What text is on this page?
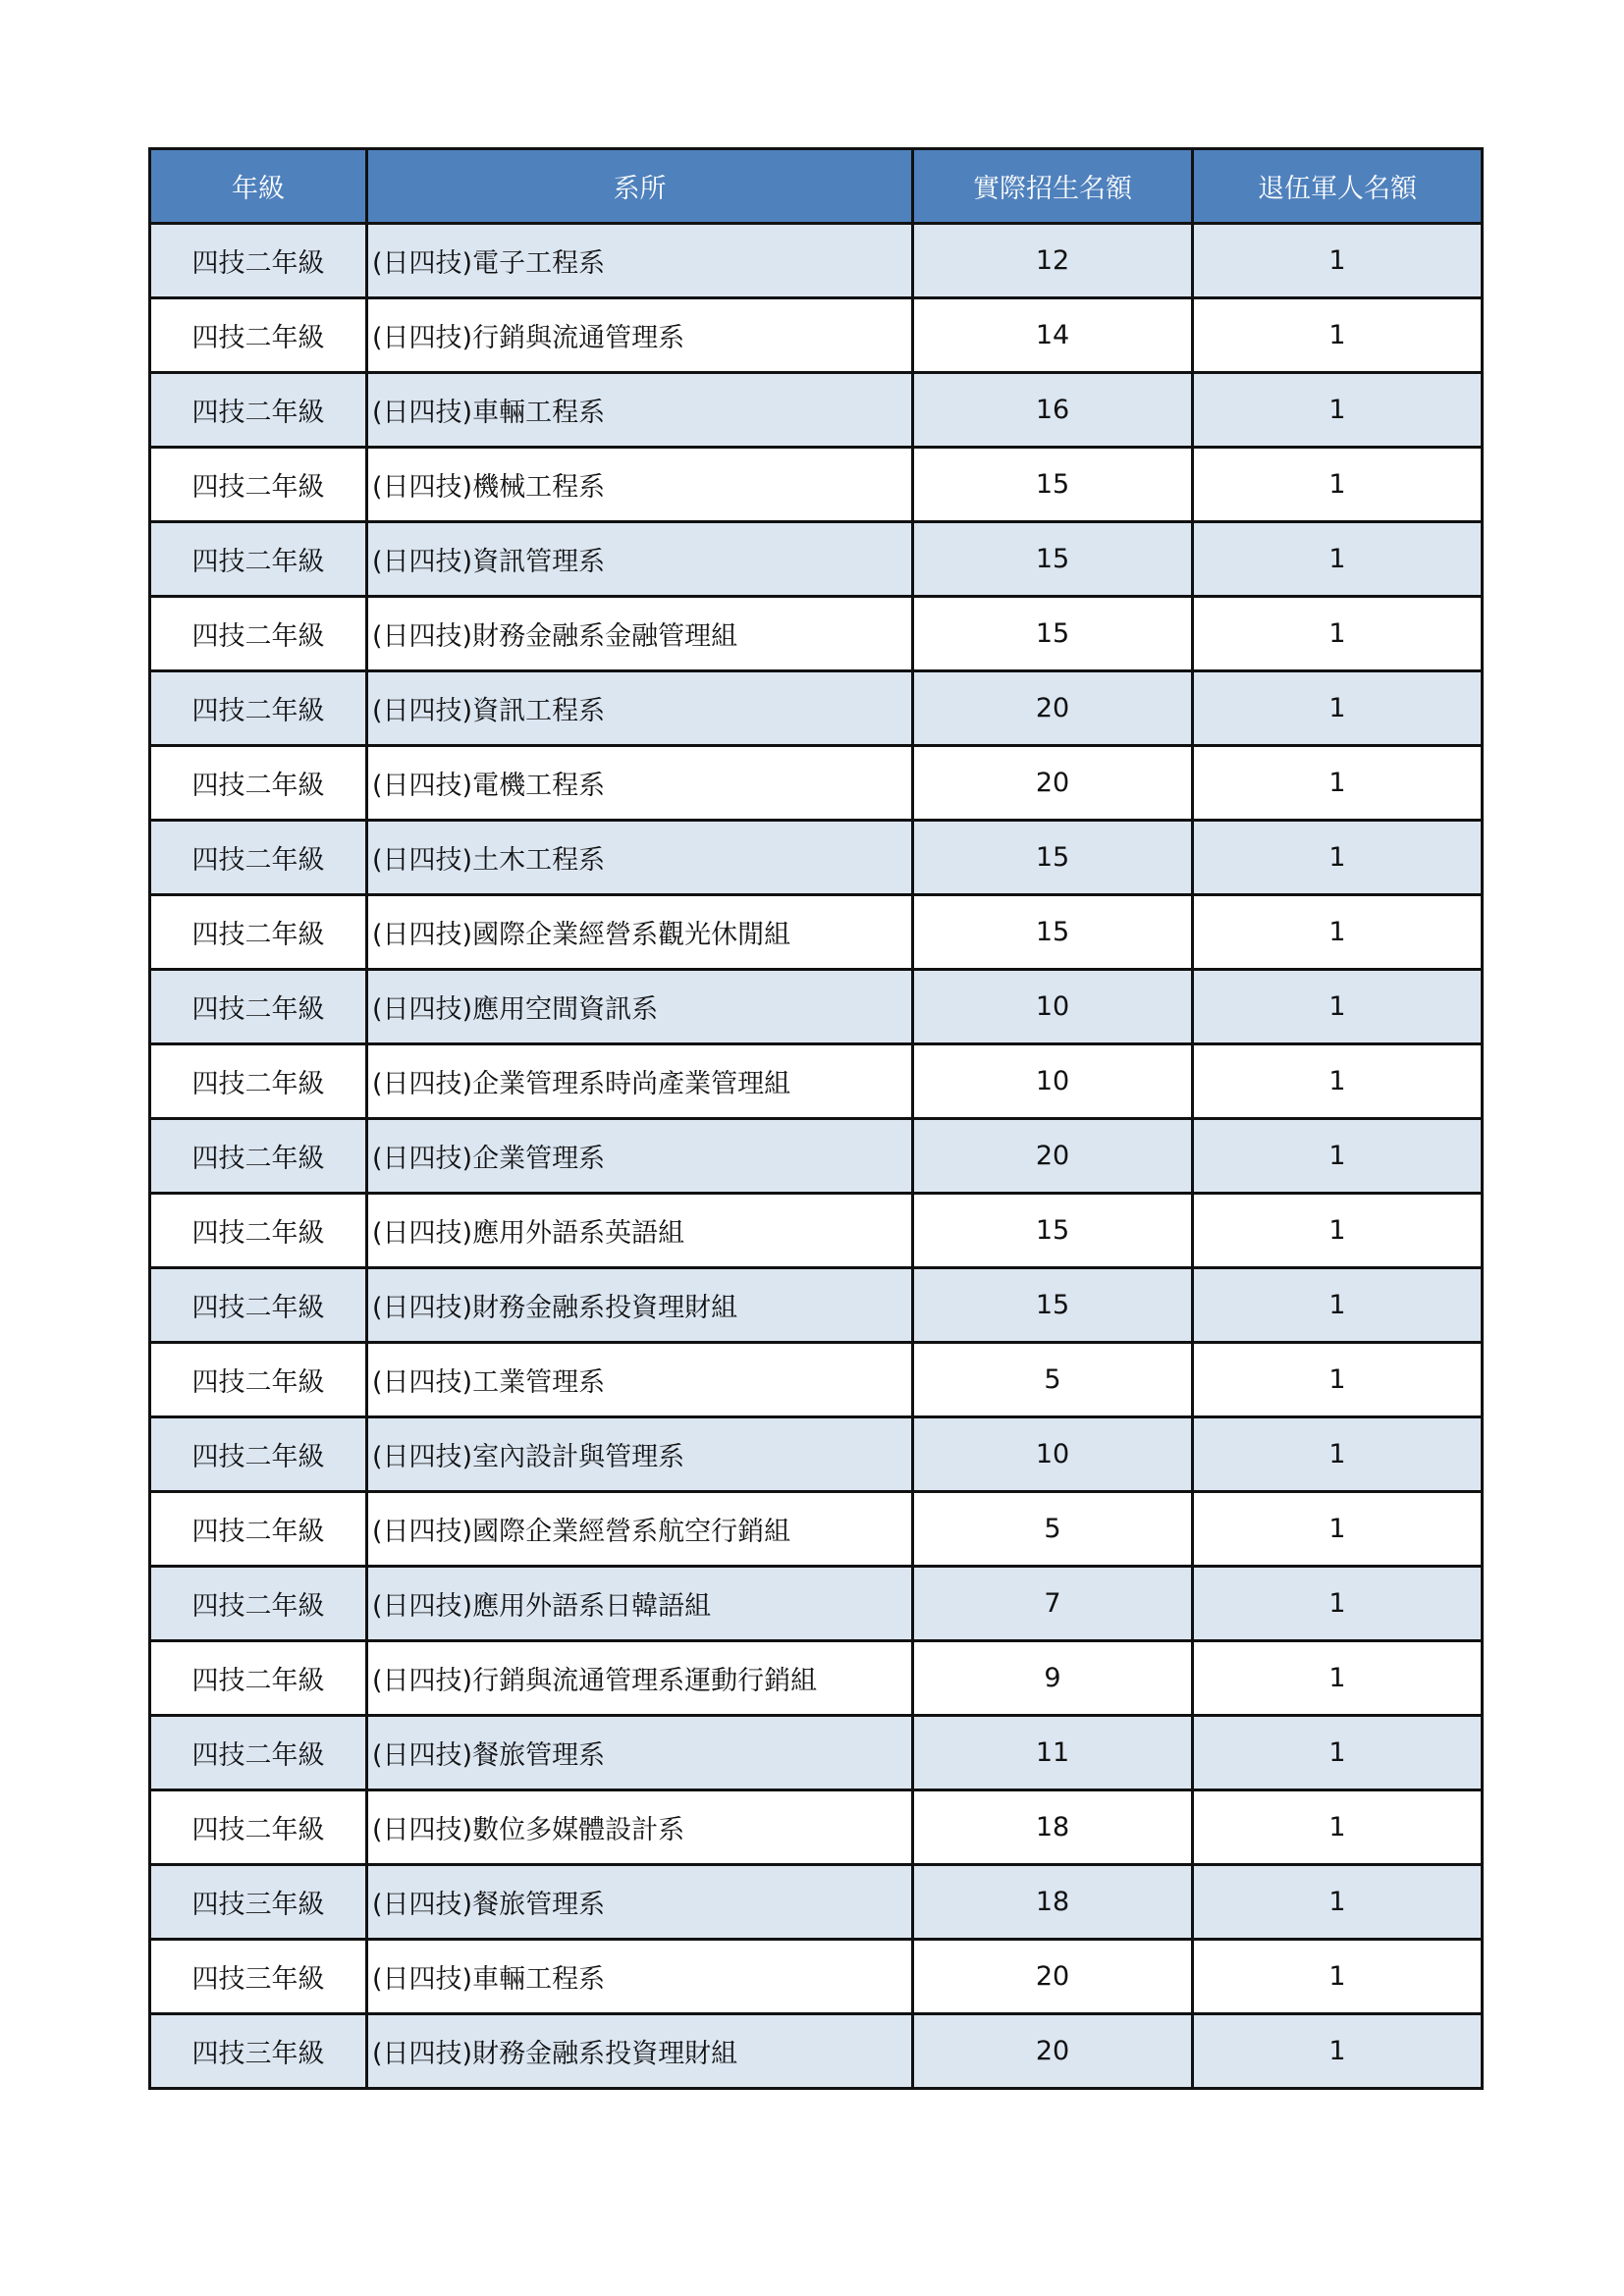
年級	系所	實際招生名額	退伍軍人名額
四技二年級	(日四技)電子工程系	12	1
四技二年級	(日四技)行銷與流通管理系	14	1
四技二年級	(日四技)車輛工程系	16	1
四技二年級	(日四技)機械工程系	15	1
四技二年級	(日四技)資訊管理系	15	1
四技二年級	(日四技)財務金融系金融管理組	15	1
四技二年級	(日四技)資訊工程系	20	1
四技二年級	(日四技)電機工程系	20	1
四技二年級	(日四技)土木工程系	15	1
四技二年級	(日四技)國際企業經營系觀光休閒組	15	1
四技二年級	(日四技)應用空間資訊系	10	1
四技二年級	(日四技)企業管理系時尚產業管理組	10	1
四技二年級	(日四技)企業管理系	20	1
四技二年級	(日四技)應用外語系英語組	15	1
四技二年級	(日四技)財務金融系投資理財組	15	1
四技二年級	(日四技)工業管理系	5	1
四技二年級	(日四技)室內設計與管理系	10	1
四技二年級	(日四技)國際企業經營系航空行銷組	5	1
四技二年級	(日四技)應用外語系日韓語組	7	1
四技二年級	(日四技)行銷與流通管理系運動行銷組	9	1
四技二年級	(日四技)餐旅管理系	11	1
四技二年級	(日四技)數位多媒體設計系	18	1
四技三年級	(日四技)餐旅管理系	18	1
四技三年級	(日四技)車輛工程系	20	1
四技三年級	(日四技)財務金融系投資理財組	20	1
